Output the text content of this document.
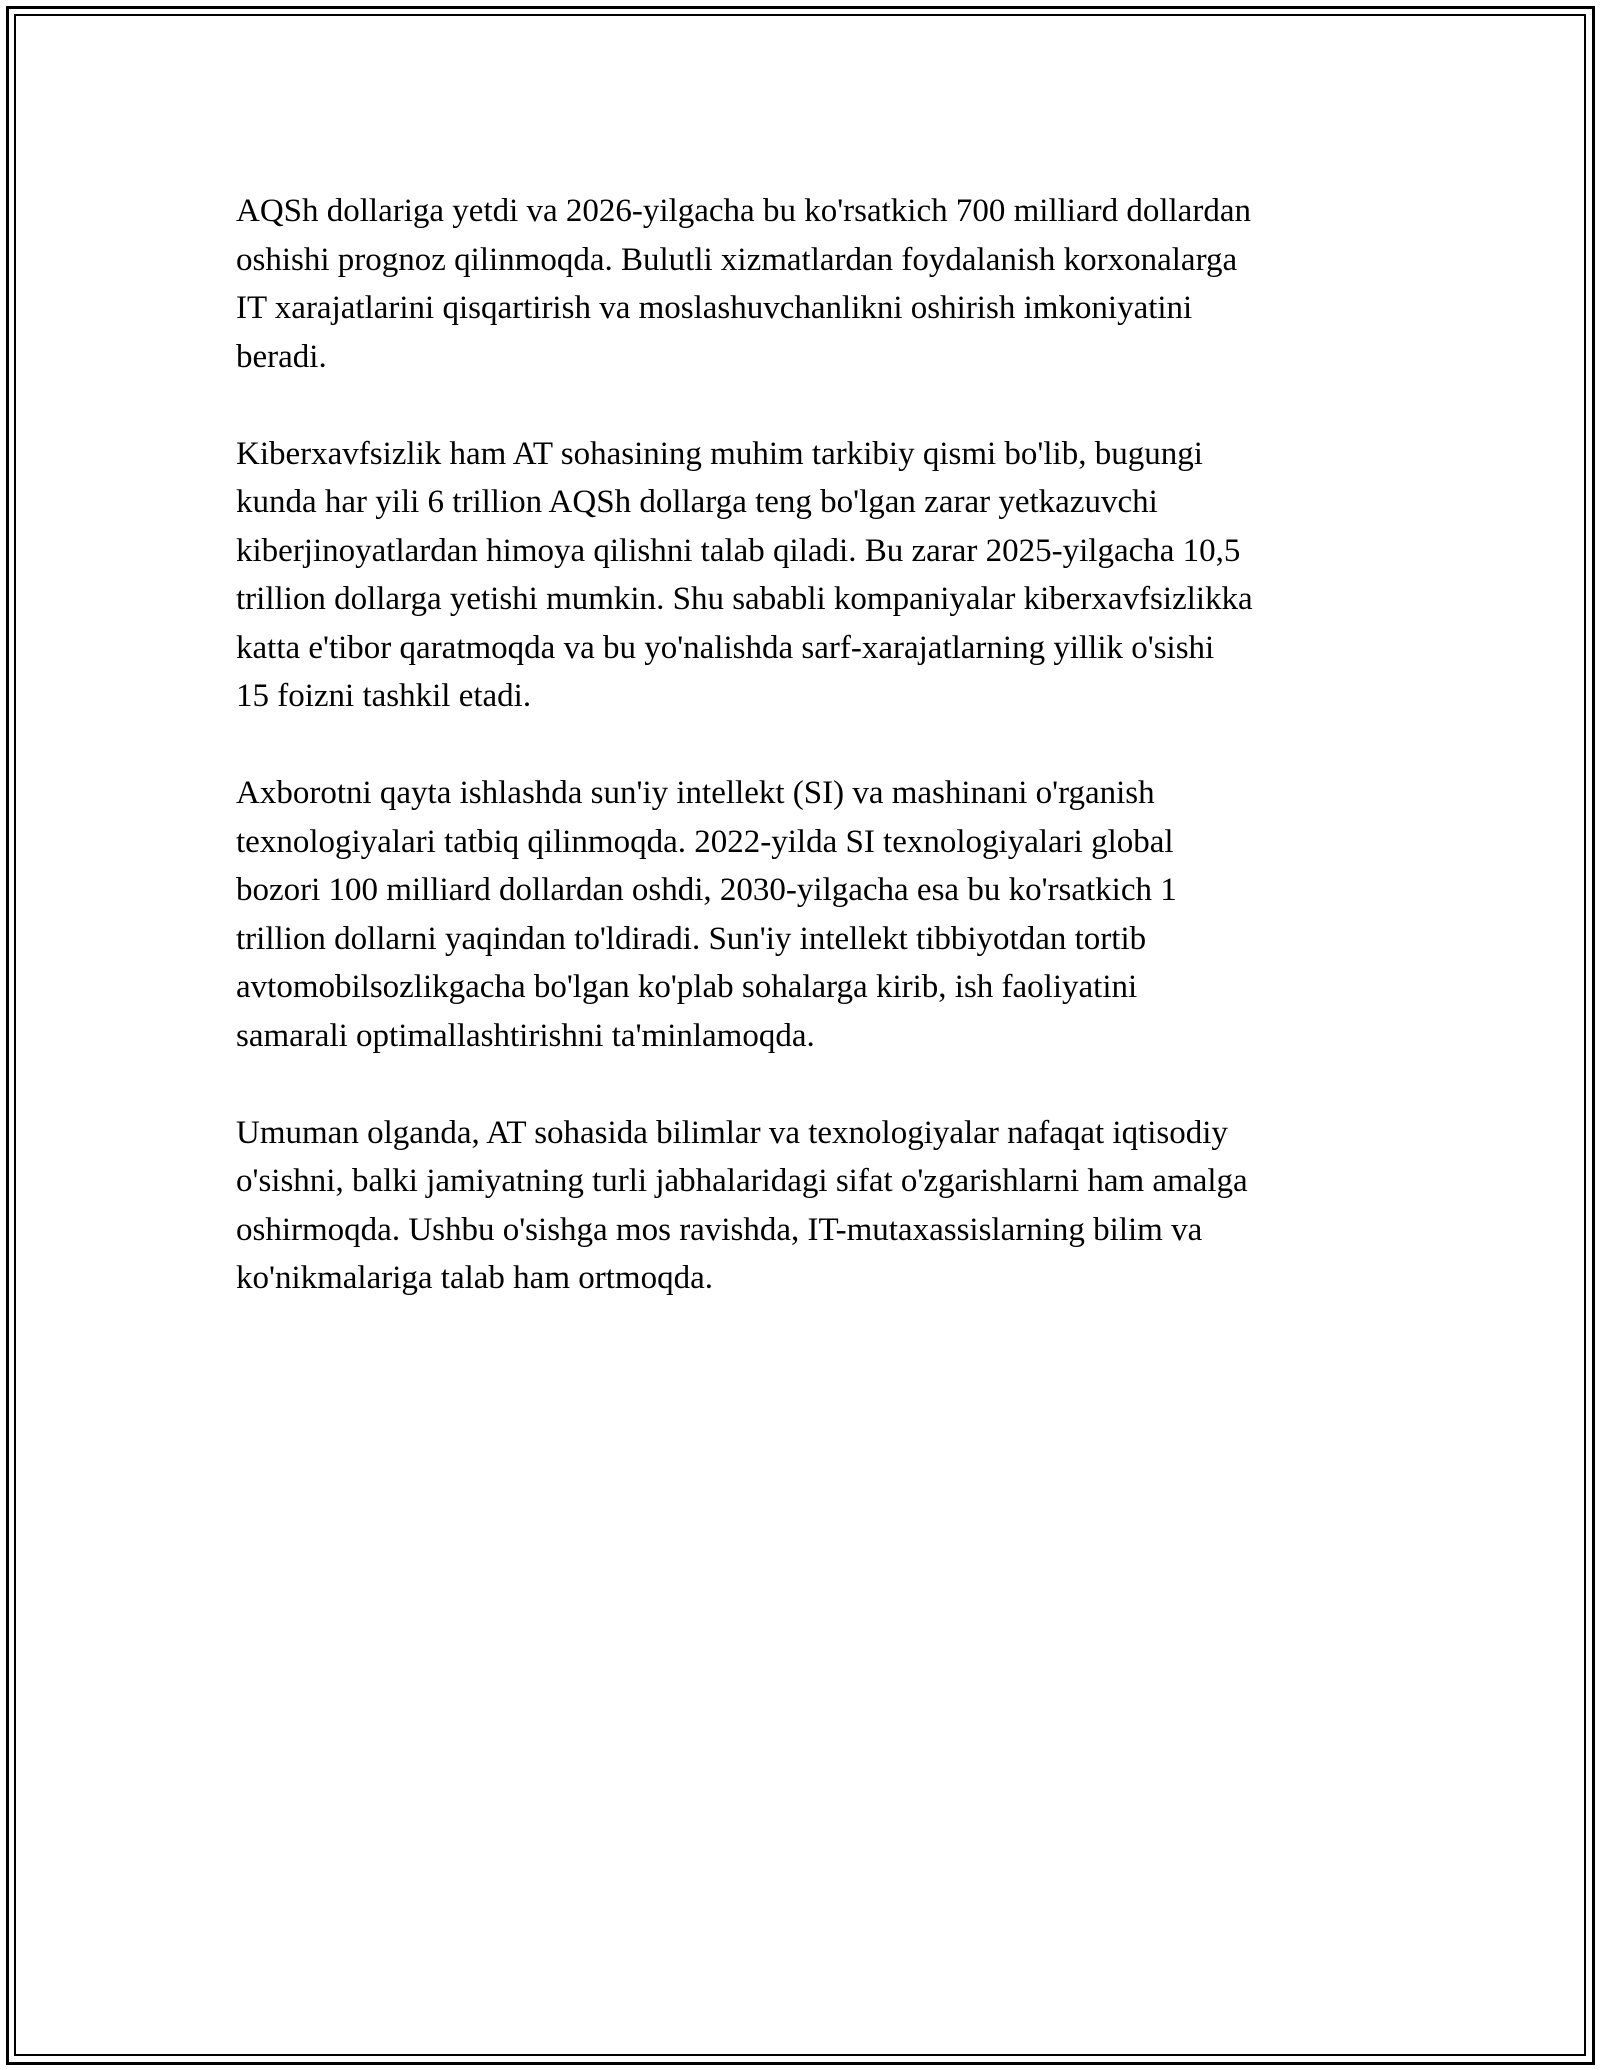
AQSh dollariga yetdi va 2026-yilgacha bu ko'rsatkich 700 milliard dollardan
oshishi prognoz qilinmoqda. Bulutli xizmatlardan foydalanish korxonalarga
IT xarajatlarini qisqartirish va moslashuvchanlikni oshirish imkoniyatini
beradi.

Kiberxavfsizlik ham AT sohasining muhim tarkibiy qismi bo'lib, bugungi
kunda har yili 6 trillion AQSh dollarga teng bo'lgan zarar yetkazuvchi
kiberjinoyatlardan himoya qilishni talab qiladi. Bu zarar 2025-yilgacha 10,5
trillion dollarga yetishi mumkin. Shu sababli kompaniyalar kiberxavfsizlikka
katta e'tibor qaratmoqda va bu yo'nalishda sarf-xarajatlarning yillik o'sishi
15 foizni tashkil etadi.

Axborotni qayta ishlashda sun'iy intellekt (SI) va mashinani o'rganish
texnologiyalari tatbiq qilinmoqda. 2022-yilda SI texnologiyalari global
bozori 100 milliard dollardan oshdi, 2030-yilgacha esa bu ko'rsatkich 1
trillion dollarni yaqindan to'ldiradi. Sun'iy intellekt tibbiyotdan tortib
avtomobilsozlikgacha bo'lgan ko'plab sohalarga kirib, ish faoliyatini
samarali optimallashtirishni ta'minlamoqda.

Umuman olganda, AT sohasida bilimlar va texnologiyalar nafaqat iqtisodiy
o'sishni, balki jamiyatning turli jabhalaridagi sifat o'zgarishlarni ham amalga
oshirmoqda. Ushbu o'sishga mos ravishda, IT-mutaxassislarning bilim va
ko'nikmalariga talab ham ortmoqda.
